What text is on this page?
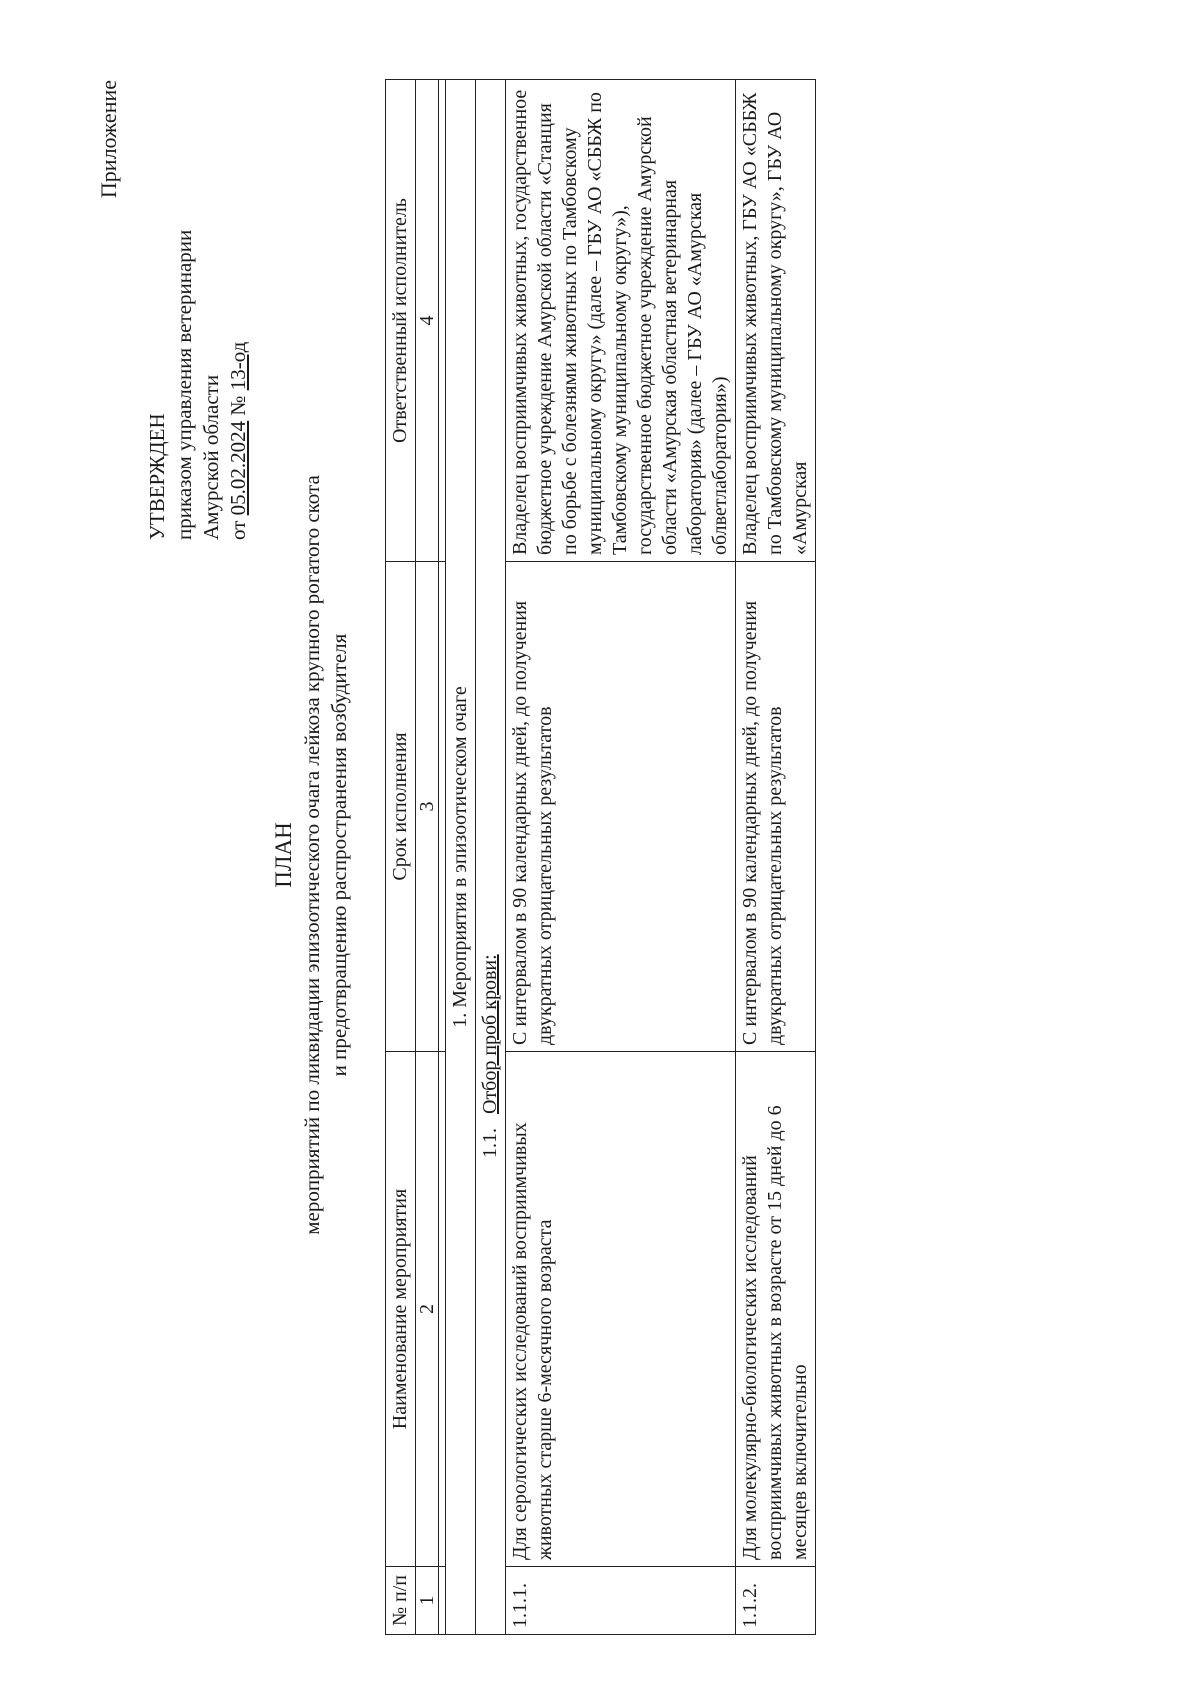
Приложение
УТВЕРЖДЕН приказом управления ветеринарии Амурской области от 05.02.2024 № 13-од
ПЛАН мероприятий по ликвидации эпизоотического очага лейкоза крупного рогатого скота и предотвращению распространения возбудителя
№ п/п	Наименование мероприятия	Срок исполнения	Ответственный исполнитель
1	2	3	4

1. Мероприятия в эпизоотическом очаге			
1.1.Отбор проб крови:			
1.1.1.	Для серологических исследований восприимчивых животных старше 6-месячного возраста	С интервалом в 90 календарных дней, до получения двукратных отрицательных результатов	Владелец восприимчивых животных, государственное бюджетное учреждение Амурской области «Станция по борьбе с болезнями животных по Тамбовскому муниципальному округу» (далее – ГБУ АО «СББЖ по Тамбовскому муниципальному округу»), государственное бюджетное учреждение Амурской области «Амурская областная ветеринарная лаборатория» (далее – ГБУ АО «Амурская облветлаборатория»)
1.1.2.	Для молекулярно-биологических исследований восприимчивых животных в возрасте от 15 дней до 6 месяцев включительно	С интервалом в 90 календарных дней, до получения двукратных отрицательных результатов	Владелец восприимчивых животных, ГБУ АО «СББЖ по Тамбовскому муниципальному округу», ГБУ АО «Амурская
